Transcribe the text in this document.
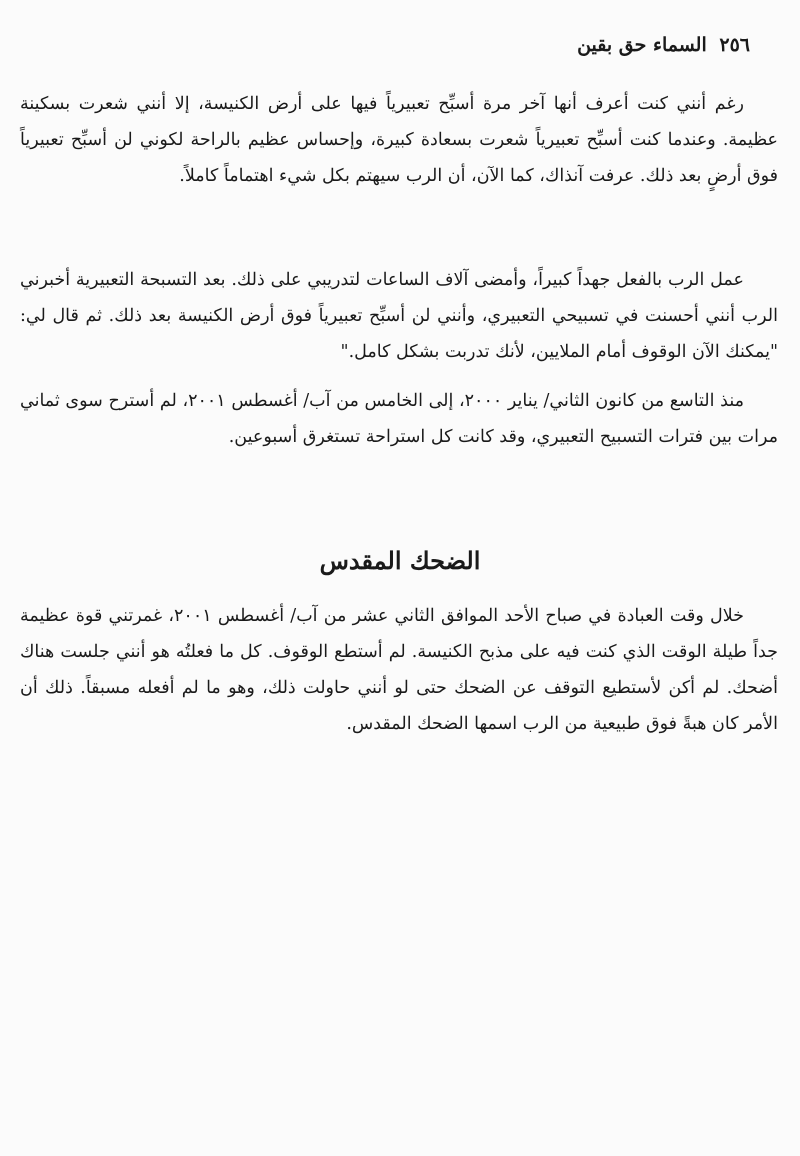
٢٥٦ السماء حق بقين

رغم أنني كنت أعرف أنها آخر مرة أسبِّح تعبيرياً فيها على أرض الكنيسة، إلا أنني شعرت بسكينة عظيمة. وعندما كنت أسبِّح تعبيرياً شعرت بسعادة كبيرة، وإحساس عظيم بالراحة لكوني لن أسبِّح تعبيرياً فوق أرضٍ بعد ذلك. عرفت آنذاك، كما الآن، أن الرب سيهتم بكل شيء اهتماماً كاملاً.

عمل الرب بالفعل جهداً كبيراً، وأمضى آلاف الساعات لتدريبي على ذلك. بعد التسبحة التعبيرية أخبرني الرب أنني أحسنت في تسبيحي التعبيري، وأنني لن أسبِّح تعبيرياً فوق أرض الكنيسة بعد ذلك. ثم قال لي: "يمكنك الآن الوقوف أمام الملايين، لأنك تدربت بشكل كامل."

منذ التاسع من كانون الثاني/ يناير ٢٠٠٠، إلى الخامس من آب/ أغسطس ٢٠٠١، لم أسترح سوى ثماني مرات بين فترات التسبيح التعبيري، وقد كانت كل استراحة تستغرق أسبوعين.

الضحك المقدس

خلال وقت العبادة في صباح الأحد الموافق الثاني عشر من آب/ أغسطس ٢٠٠١، غمرتني قوة عظيمة جداً طيلة الوقت الذي كنت فيه على مذبح الكنيسة. لم أستطع الوقوف. كل ما فعلتُه هو أنني جلست هناك أضحك. لم أكن لأستطيع التوقف عن الضحك حتى لو أنني حاولت ذلك، وهو ما لم أفعله مسبقاً. ذلك أن الأمر كان هبةً فوق طبيعية من الرب اسمها الضحك المقدس.
